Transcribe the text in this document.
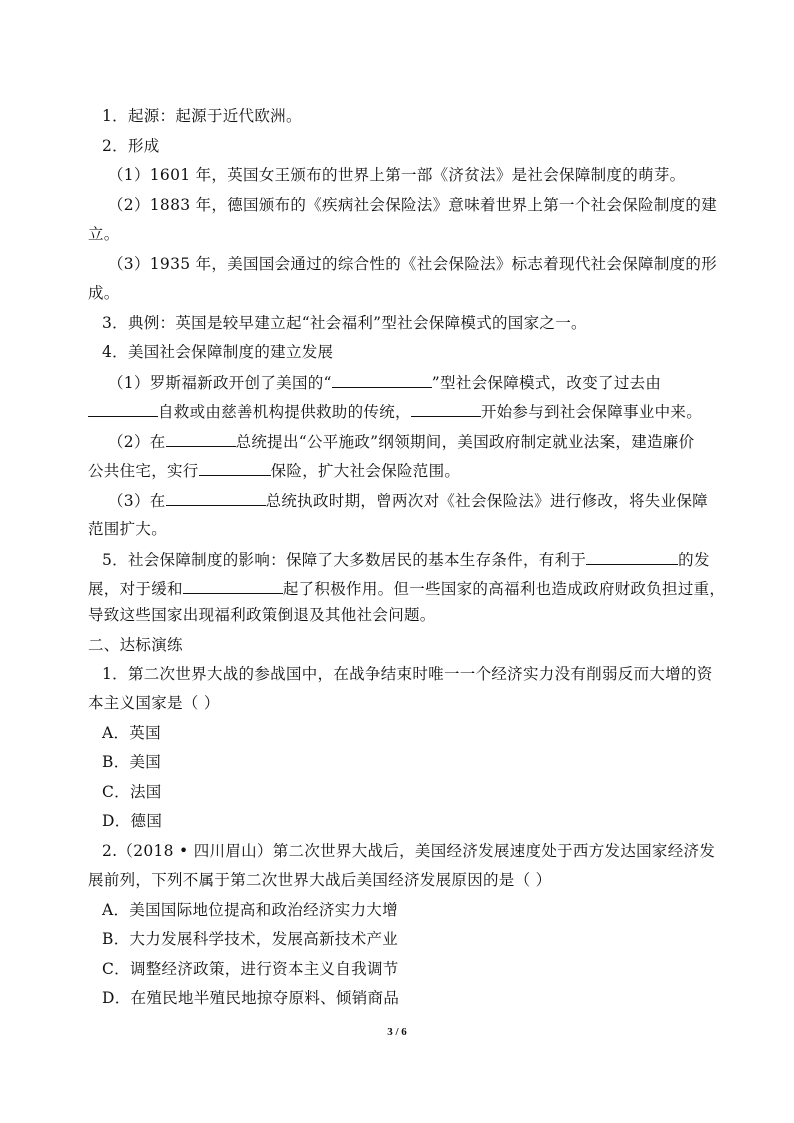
1．起源：起源于近代欧洲。
2．形成
（1）1601 年，英国女王颁布的世界上第一部《济贫法》是社会保障制度的萌芽。
（2）1883 年，德国颁布的《疾病社会保险法》意味着世界上第一个社会保险制度的建
立。
（3）1935 年，美国国会通过的综合性的《社会保险法》标志着现代社会保障制度的形
成。
3．典例：英国是较早建立起“社会福利”型社会保障模式的国家之一。
4．美国社会保障制度的建立发展
（1）罗斯福新政开创了美国的“	”型社会保障模式，改变了过去由
自救或由慈善机构提供救助的传统，	开始参与到社会保障事业中来。
（2）在	总统提出“公平施政”纲领期间，美国政府制定就业法案，建造廉价
公共住宅，实行	保险，扩大社会保险范围。
（3）在	总统执政时期，曾两次对《社会保险法》进行修改，将失业保障
范围扩大。
5．社会保障制度的影响：保障了大多数居民的基本生存条件，有利于	的发
展，对于缓和	起了积极作用。但一些国家的高福利也造成政府财政负担过重，
导致这些国家出现福利政策倒退及其他社会问题。
二、达标演练
1．第二次世界大战的参战国中，在战争结束时唯一一个经济实力没有削弱反而大增的资
本主义国家是（ ）
A．英国
B．美国
C．法国
D．德国
2.（2018 • 四川眉山）第二次世界大战后，美国经济发展速度处于西方发达国家经济发
展前列，下列不属于第二次世界大战后美国经济发展原因的是（ ）
A．美国国际地位提高和政治经济实力大增
B．大力发展科学技术，发展高新技术产业
C．调整经济政策，进行资本主义自我调节
D．在殖民地半殖民地掠夺原料、倾销商品
3 / 6
